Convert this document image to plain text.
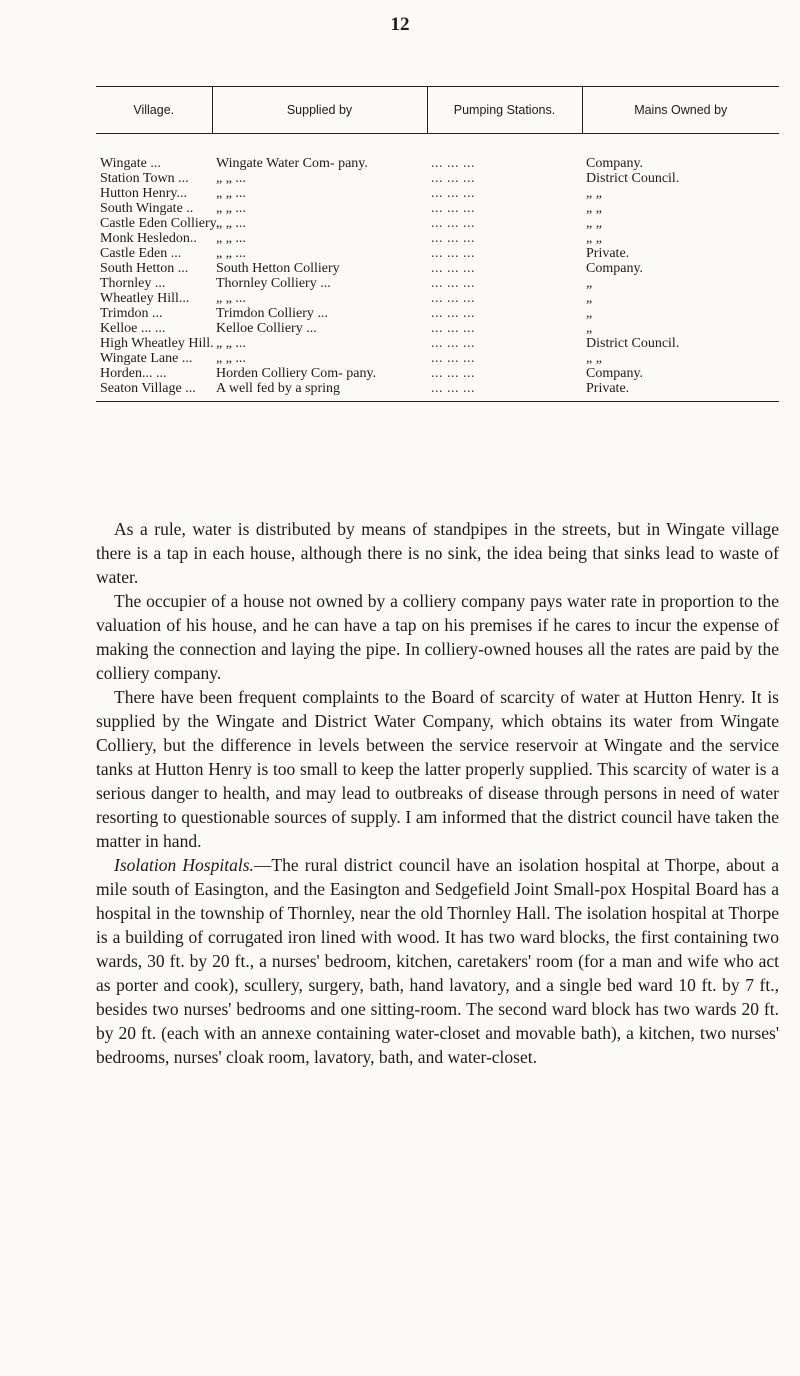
12
Village.	Supplied by	Pumping Stations.	Mains Owned by

Wingate ...	Wingate Water Com- pany.	... ... ...	Company.
Station Town ...	„ „ ...	... ... ...	District Council.
Hutton Henry...	„ „ ...	... ... ...	„ „
South Wingate ..	„ „ ...	... ... ...	„ „
Castle Eden Colliery.	„ „ ...	... ... ...	„ „
Monk Hesledon..	„ „ ...	... ... ...	„ „
Castle Eden ...	„ „ ...	... ... ...	Private.
South Hetton ...	South Hetton Colliery	... ... ...	Company.
Thornley ...	Thornley Colliery ...	... ... ...	„
Wheatley Hill...	„ „ ...	... ... ...	„
Trimdon ...	Trimdon Colliery ...	... ... ...	„
Kelloe ... ...	Kelloe Colliery ...	... ... ...	„
High Wheatley Hill.	„ „ ...	... ... ...	District Council.
Wingate Lane ...	„ „ ...	... ... ...	„ „
Horden... ...	Horden Colliery Com- pany.	... ... ...	Company.
Seaton Village ...	A well fed by a spring	... ... ...	Private.

As a rule, water is distributed by means of standpipes in the streets, but in Wingate village there is a tap in each house, although there is no sink, the idea being that sinks lead to waste of water.

The occupier of a house not owned by a colliery company pays water rate in proportion to the valuation of his house, and he can have a tap on his premises if he cares to incur the expense of making the connection and laying the pipe. In colliery-owned houses all the rates are paid by the colliery company.

There have been frequent complaints to the Board of scarcity of water at Hutton Henry. It is supplied by the Wingate and District Water Company, which obtains its water from Wingate Colliery, but the difference in levels between the service reservoir at Wingate and the service tanks at Hutton Henry is too small to keep the latter properly supplied. This scarcity of water is a serious danger to health, and may lead to outbreaks of disease through persons in need of water resorting to questionable sources of supply. I am informed that the district council have taken the matter in hand.

Isolation Hospitals.—The rural district council have an isolation hospital at Thorpe, about a mile south of Easington, and the Easington and Sedgefield Joint Small-pox Hospital Board has a hospital in the township of Thornley, near the old Thornley Hall. The isolation hospital at Thorpe is a building of corrugated iron lined with wood. It has two ward blocks, the first containing two wards, 30 ft. by 20 ft., a nurses' bedroom, kitchen, caretakers' room (for a man and wife who act as porter and cook), scullery, surgery, bath, hand lavatory, and a single bed ward 10 ft. by 7 ft., besides two nurses' bedrooms and one sitting-room. The second ward block has two wards 20 ft. by 20 ft. (each with an annexe containing water-closet and movable bath), a kitchen, two nurses' bedrooms, nurses' cloak room, lavatory, bath, and water-closet.
